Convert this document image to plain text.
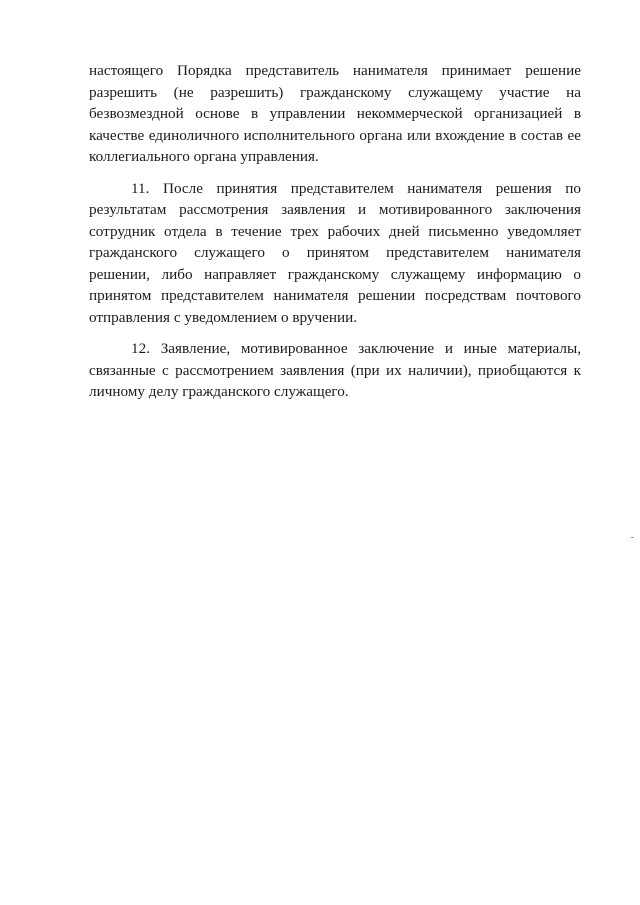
настоящего Порядка представитель нанимателя принимает решение
разрешить (не разрешить) гражданскому служащему участие на
безвозмездной основе в управлении некоммерческой организацией в
качестве единоличного исполнительного органа или вхождение в состав ее
коллегиального органа управления.
11. После принятия представителем нанимателя решения по
результатам рассмотрения заявления и мотивированного заключения
сотрудник отдела в течение трех рабочих дней письменно уведомляет
гражданского служащего о принятом представителем нанимателя
решении, либо направляет гражданскому служащему информацию о
принятом представителем нанимателя решении посредствам почтового
отправления с уведомлением о вручении.
12. Заявление, мотивированное заключение и иные материалы,
связанные с рассмотрением заявления (при их наличии), приобщаются к
личному делу гражданского служащего.
